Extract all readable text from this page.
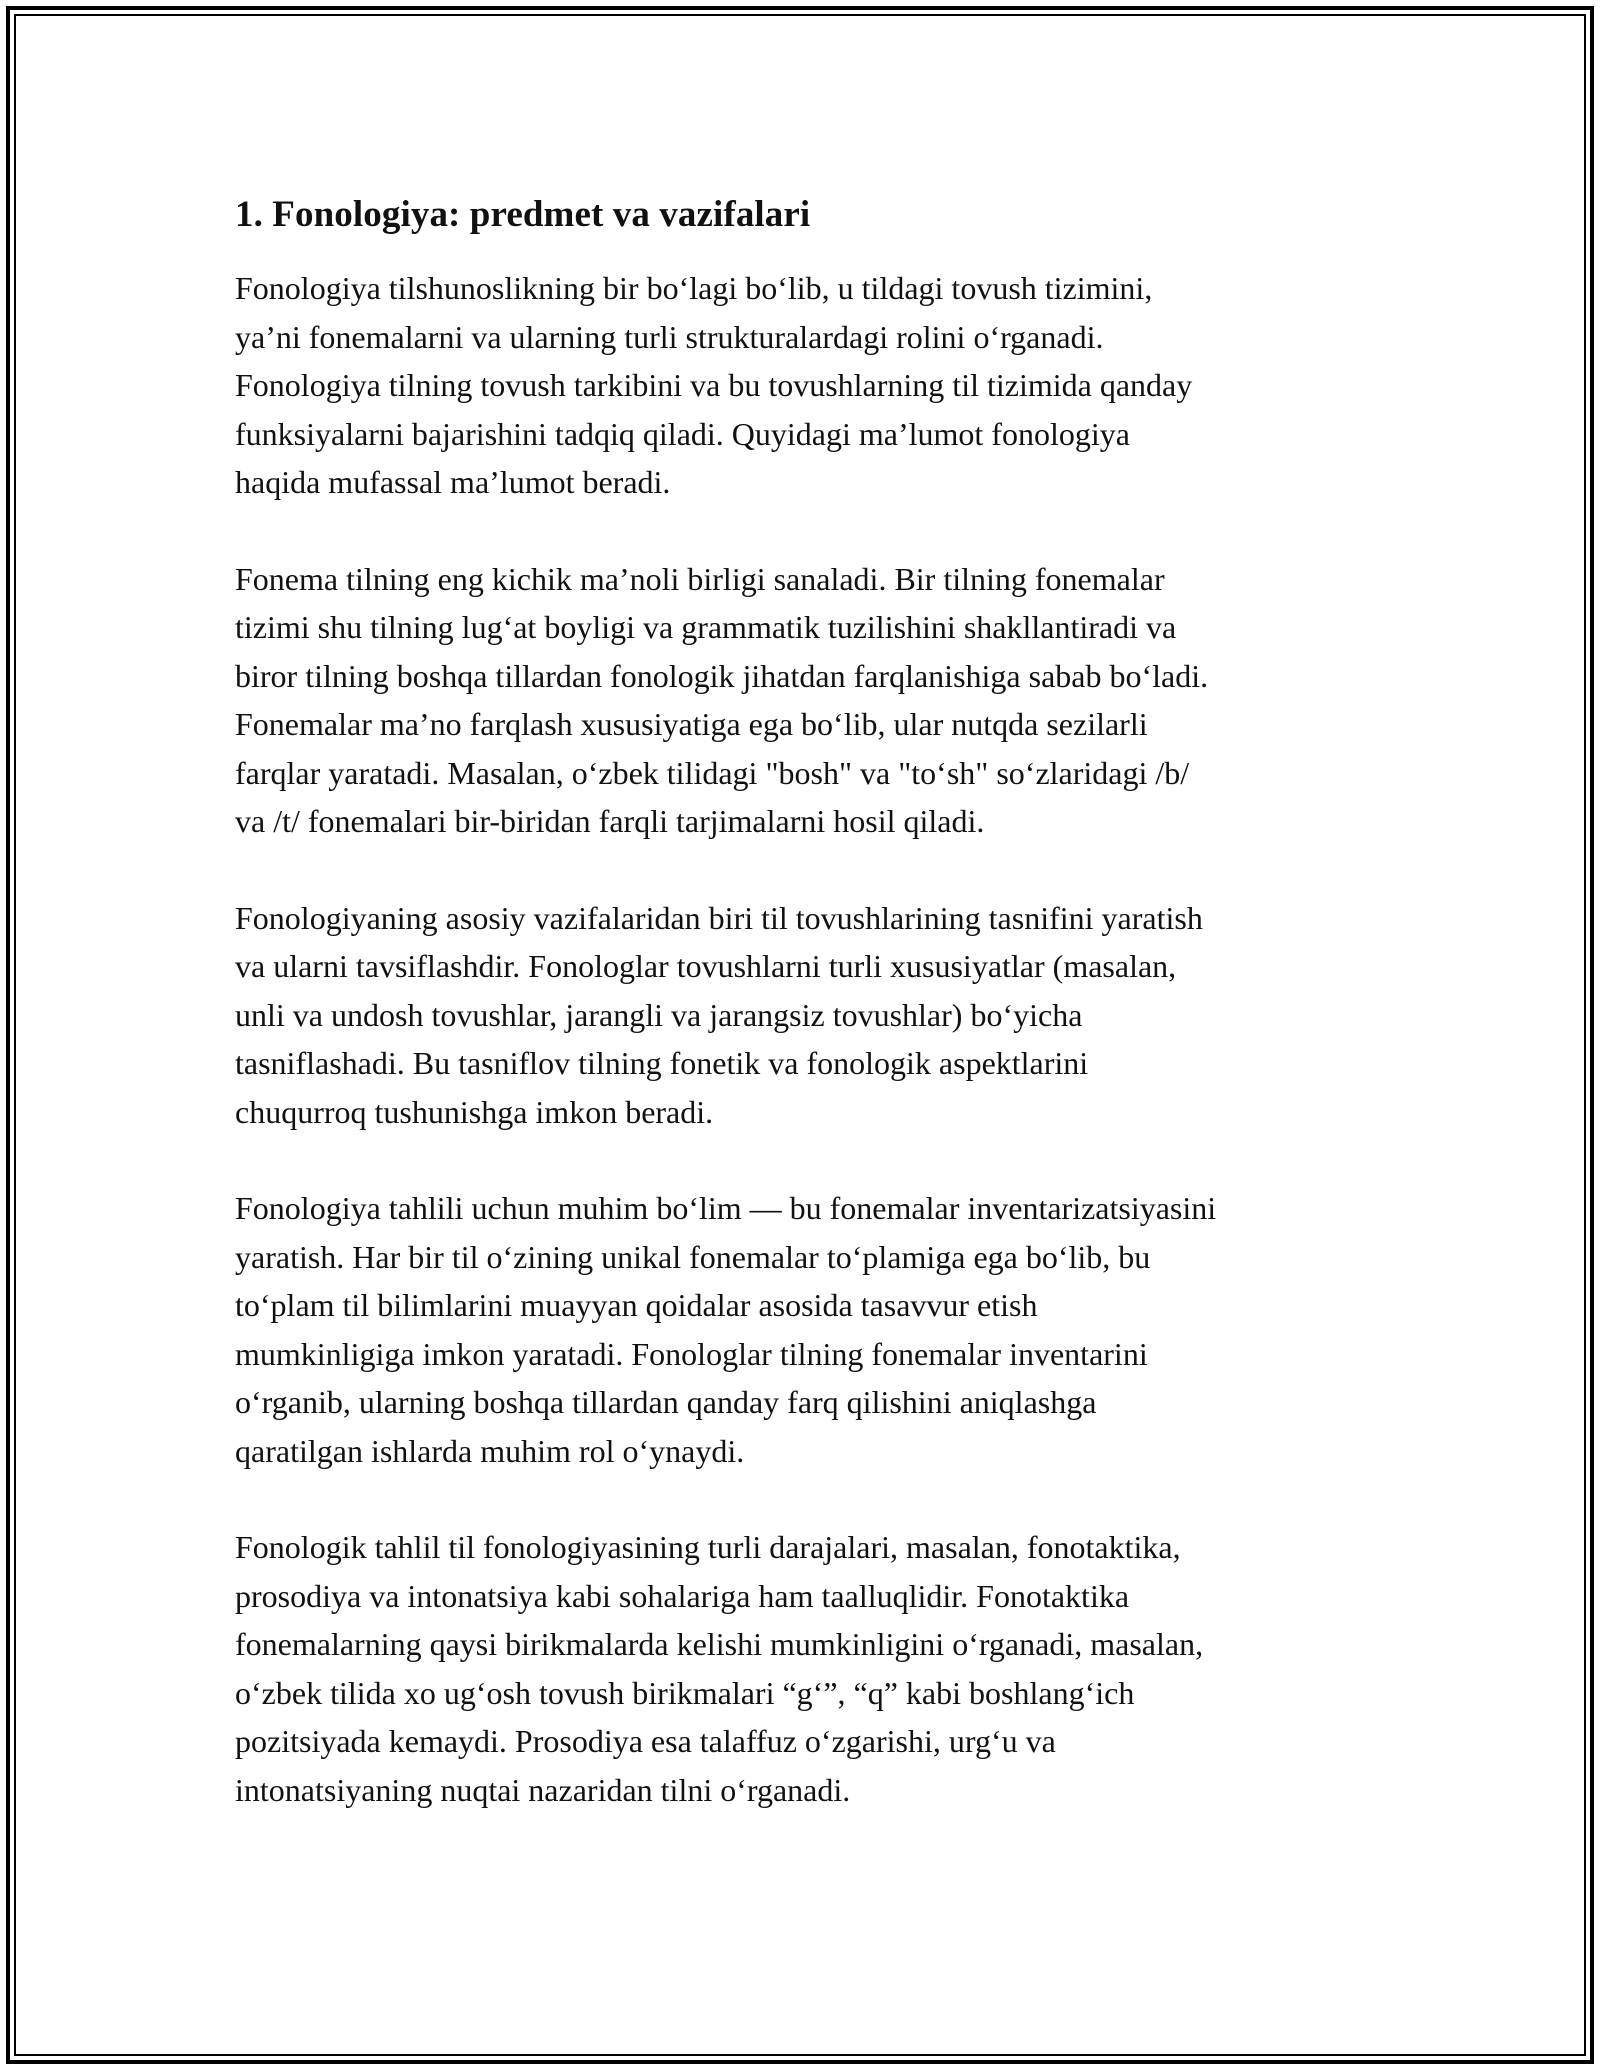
1. Fonologiya: predmet va vazifalari

Fonologiya tilshunoslikning bir bo‘lagi bo‘lib, u tildagi tovush tizimini,
ya’ni fonemalarni va ularning turli strukturalardagi rolini o‘rganadi.
Fonologiya tilning tovush tarkibini va bu tovushlarning til tizimida qanday
funksiyalarni bajarishini tadqiq qiladi. Quyidagi ma’lumot fonologiya
haqida mufassal ma’lumot beradi.

Fonema tilning eng kichik ma’noli birligi sanaladi. Bir tilning fonemalar
tizimi shu tilning lug‘at boyligi va grammatik tuzilishini shakllantiradi va
biror tilning boshqa tillardan fonologik jihatdan farqlanishiga sabab bo‘ladi.
Fonemalar ma’no farqlash xususiyatiga ega bo‘lib, ular nutqda sezilarli
farqlar yaratadi. Masalan, o‘zbek tilidagi "bosh" va "to‘sh" so‘zlaridagi /b/
va /t/ fonemalari bir-biridan farqli tarjimalarni hosil qiladi.

Fonologiyaning asosiy vazifalaridan biri til tovushlarining tasnifini yaratish
va ularni tavsiflashdir. Fonologlar tovushlarni turli xususiyatlar (masalan,
unli va undosh tovushlar, jarangli va jarangsiz tovushlar) bo‘yicha
tasniflashadi. Bu tasniflov tilning fonetik va fonologik aspektlarini
chuqurroq tushunishga imkon beradi.

Fonologiya tahlili uchun muhim bo‘lim — bu fonemalar inventarizatsiyasini
yaratish. Har bir til o‘zining unikal fonemalar to‘plamiga ega bo‘lib, bu
to‘plam til bilimlarini muayyan qoidalar asosida tasavvur etish
mumkinligiga imkon yaratadi. Fonologlar tilning fonemalar inventarini
o‘rganib, ularning boshqa tillardan qanday farq qilishini aniqlashga
qaratilgan ishlarda muhim rol o‘ynaydi.

Fonologik tahlil til fonologiyasining turli darajalari, masalan, fonotaktika,
prosodiya va intonatsiya kabi sohalariga ham taalluqlidir. Fonotaktika
fonemalarning qaysi birikmalarda kelishi mumkinligini o‘rganadi, masalan,
o‘zbek tilida xo ug‘osh tovush birikmalari “g‘”, “q” kabi boshlang‘ich
pozitsiyada kemaydi. Prosodiya esa talaffuz o‘zgarishi, urg‘u va
intonatsiyaning nuqtai nazaridan tilni o‘rganadi.
